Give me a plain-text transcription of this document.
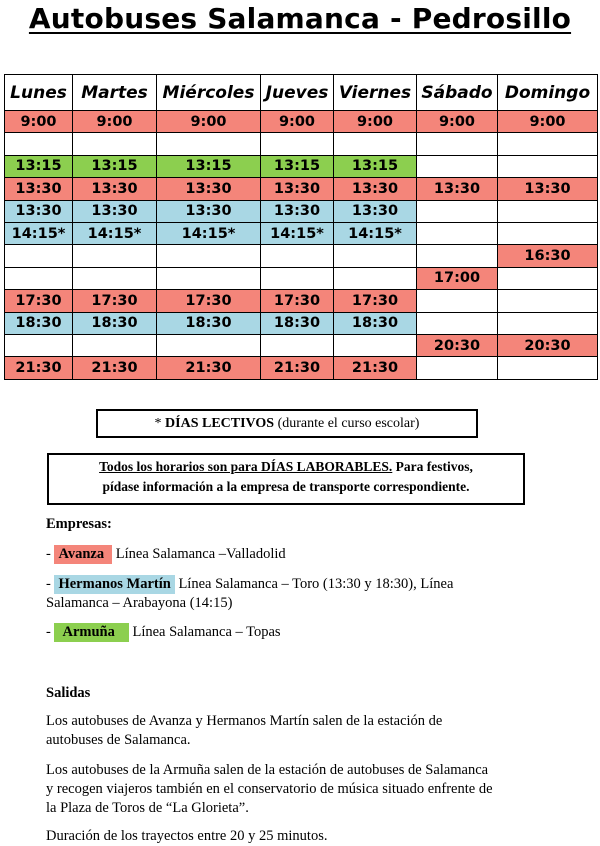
Autobuses Salamanca - Pedrosillo
Lunes	Martes	Miércoles	Jueves	Viernes	Sábado	Domingo
9:00	9:00	9:00	9:00	9:00	9:00	9:00

13:15	13:15	13:15	13:15	13:15		
13:30	13:30	13:30	13:30	13:30	13:30	13:30
13:30	13:30	13:30	13:30	13:30		
14:15*	14:15*	14:15*	14:15*	14:15*		
						16:30
					17:00	
17:30	17:30	17:30	17:30	17:30		
18:30	18:30	18:30	18:30	18:30		
					20:30	20:30
21:30	21:30	21:30	21:30	21:30		
* DÍAS LECTIVOS (durante el curso escolar)
Todos los horarios son para DÍAS LABORABLES. Para festivos,
pídase información a la empresa de transporte correspondiente.
Empresas:
- Avanza Línea Salamanca –Valladolid
- Hermanos Martín Línea Salamanca – Toro (13:30 y 18:30), Línea Salamanca – Arabayona (14:15)
- Armuña Línea Salamanca – Topas
Salidas
Los autobuses de Avanza y Hermanos Martín salen de la estación de autobuses de Salamanca.
Los autobuses de la Armuña salen de la estación de autobuses de Salamanca y recogen viajeros también en el conservatorio de música situado enfrente de la Plaza de Toros de “La Glorieta”.
Duración de los trayectos entre 20 y 25 minutos.
